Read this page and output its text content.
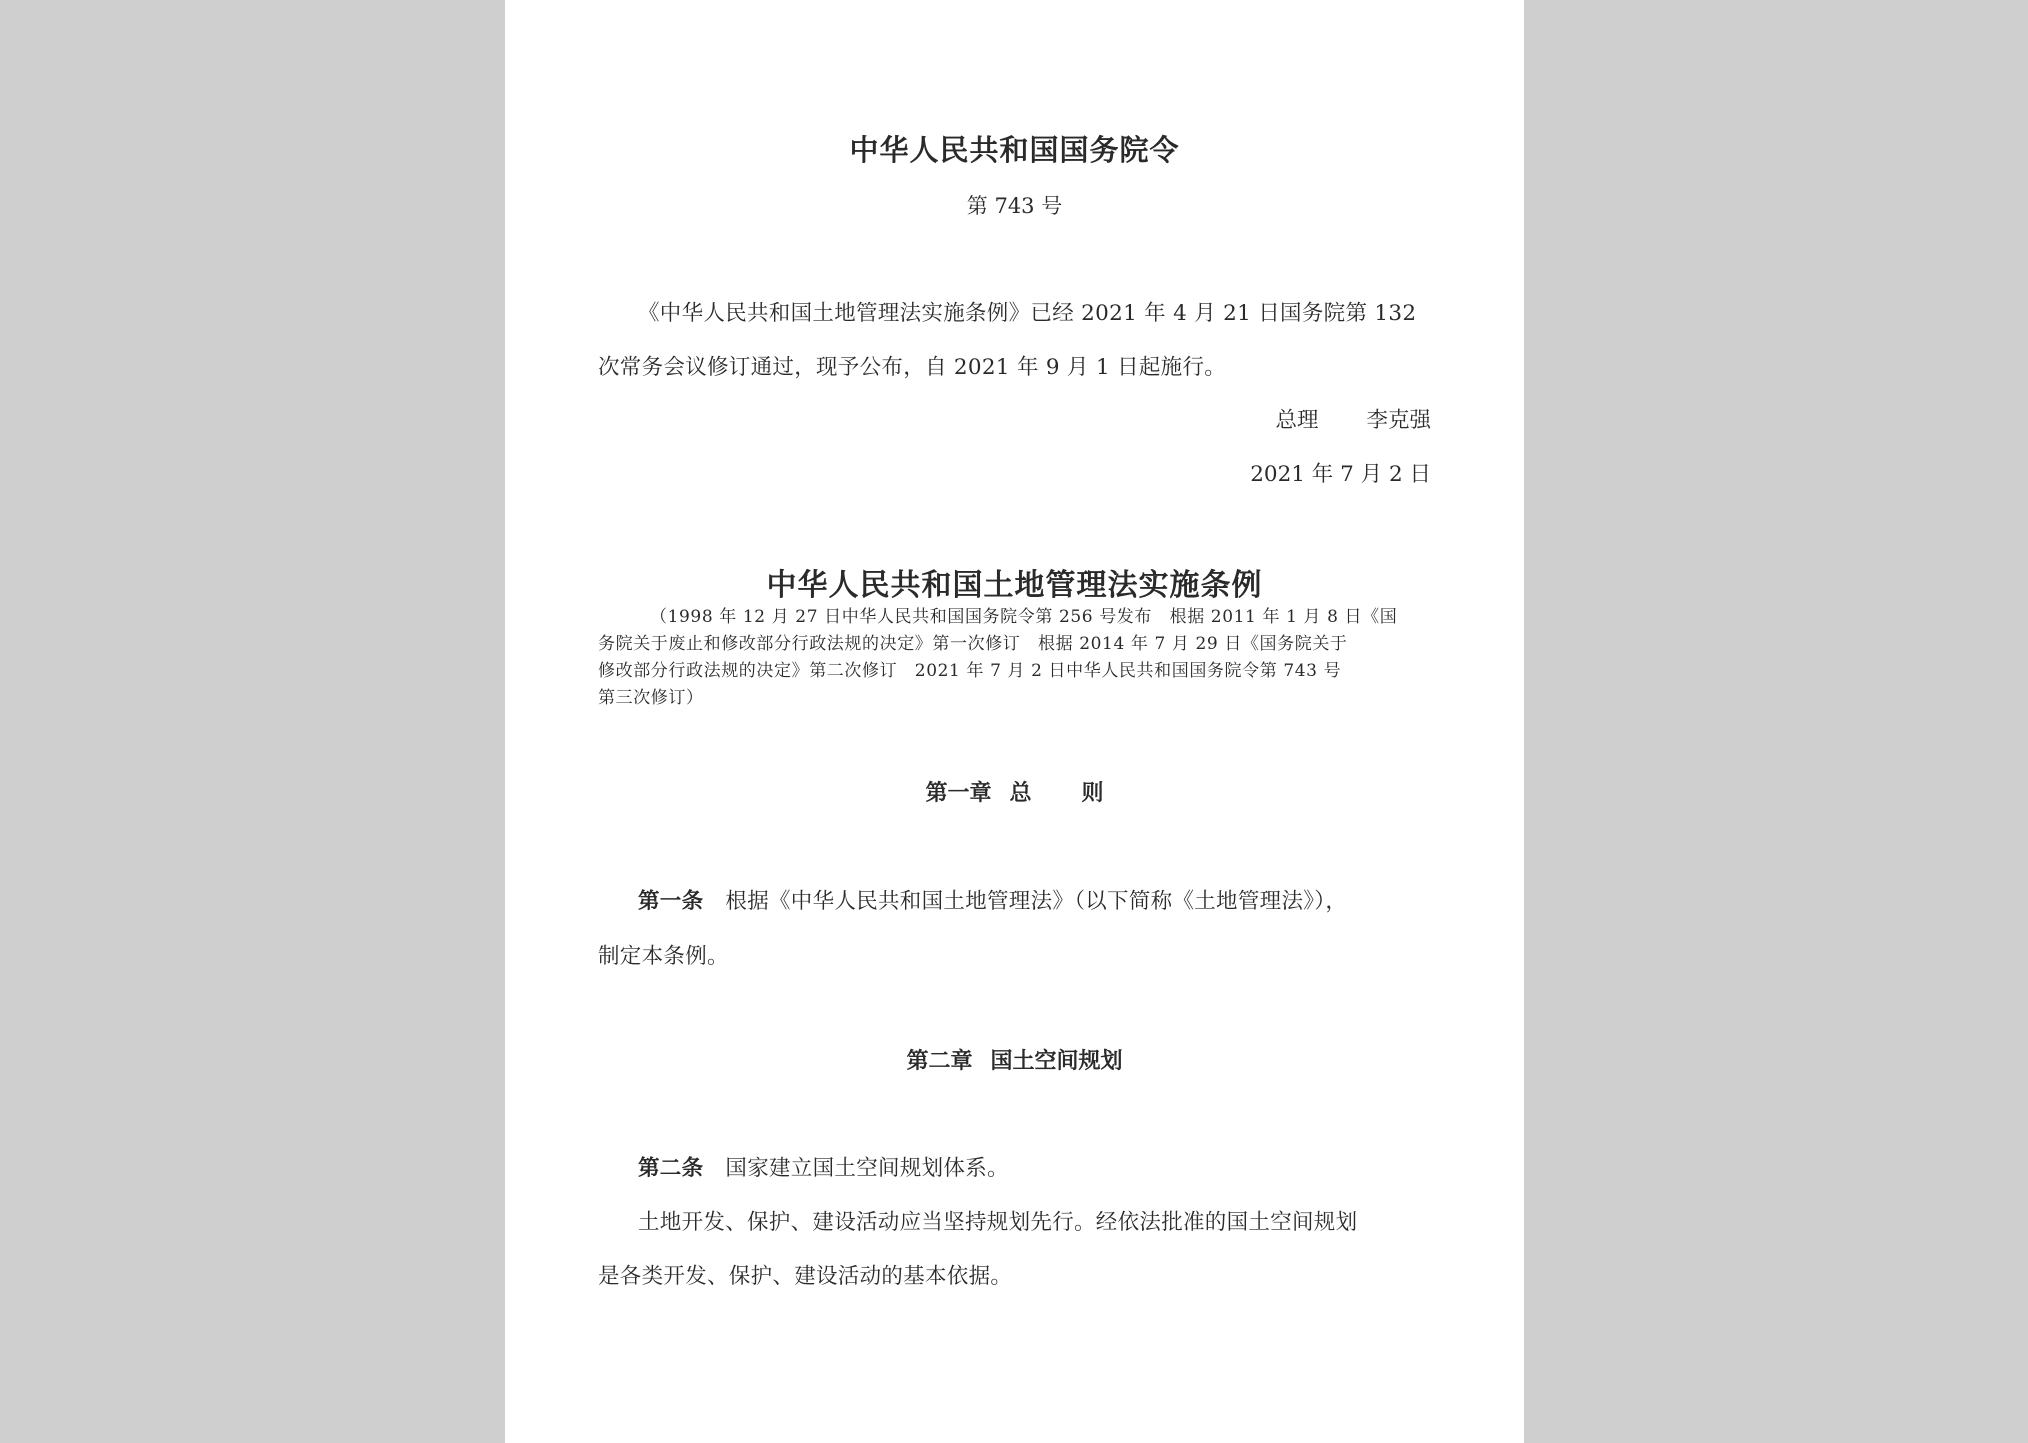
中华人民共和国国务院令

第 743 号

《中华人民共和国土地管理法实施条例》已经 2021 年 4 月 21 日国务院第 132

次常务会议修订通过，现予公布，自 2021 年 9 月 1 日起施行。

总理 李克强

2021 年 7 月 2 日

中华人民共和国土地管理法实施条例
（1998 年 12 月 27 日中华人民共和国国务院令第 256 号发布　根据 2011 年 1 月 8 日《国
务院关于废止和修改部分行政法规的决定》第一次修订　根据 2014 年 7 月 29 日《国务院关于
修改部分行政法规的决定》第二次修订　2021 年 7 月 2 日中华人民共和国国务院令第 743 号
第三次修订）
第一章 总 则

第一条 根据《中华人民共和国土地管理法》（以下简称《土地管理法》），

制定本条例。

第二章 国土空间规划

第二条 国家建立国土空间规划体系。

土地开发、保护、建设活动应当坚持规划先行。经依法批准的国土空间规划

是各类开发、保护、建设活动的基本依据。
